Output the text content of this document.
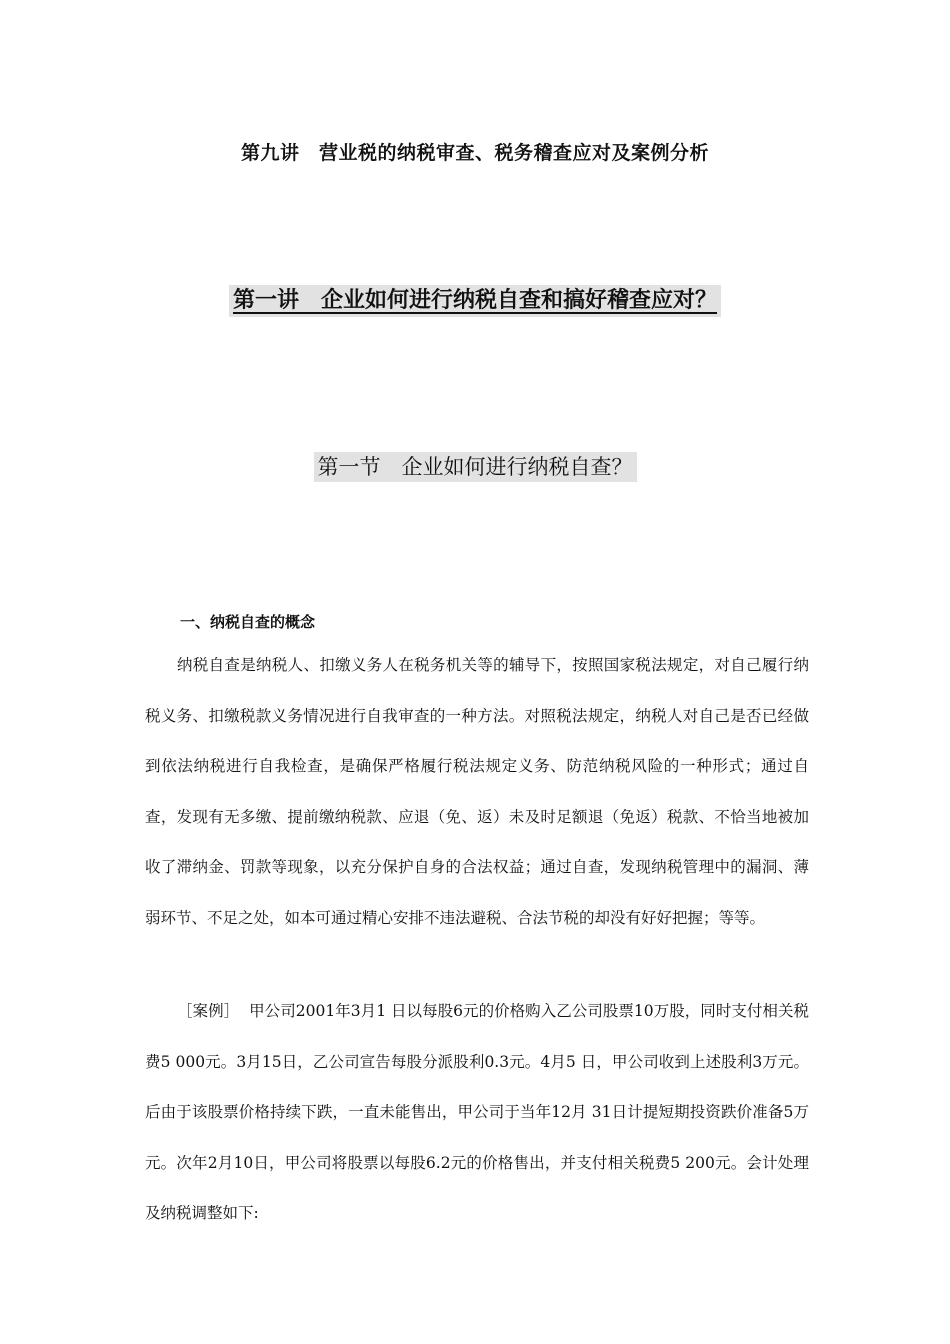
第九讲　营业税的纳税审查、税务稽查应对及案例分析
第一讲　企业如何进行纳税自查和搞好稽查应对？
第一节　企业如何进行纳税自查？
一、纳税自查的概念
纳税自查是纳税人、扣缴义务人在税务机关等的辅导下，按照国家税法规定，对自己履行纳税义务、扣缴税款义务情况进行自我审查的一种方法。对照税法规定，纳税人对自己是否已经做到依法纳税进行自我检查，是确保严格履行税法规定义务、防范纳税风险的一种形式；通过自查，发现有无多缴、提前缴纳税款、应退（免、返）未及时足额退（免返）税款、不恰当地被加收了滞纳金、罚款等现象，以充分保护自身的合法权益；通过自查，发现纳税管理中的漏洞、薄弱环节、不足之处，如本可通过精心安排不违法避税、合法节税的却没有好好把握；等等。
［案例］ 甲公司2001年3月1 日以每股6元的价格购入乙公司股票10万股，同时支付相关税费5 000元。3月15日，乙公司宣告每股分派股利0.3元。4月5 日，甲公司收到上述股利3万元。后由于该股票价格持续下跌，一直未能售出，甲公司于当年12月 31日计提短期投资跌价准备5万元。次年2月10日，甲公司将股票以每股6.2元的价格售出，并支付相关税费5 200元。会计处理及纳税调整如下:
